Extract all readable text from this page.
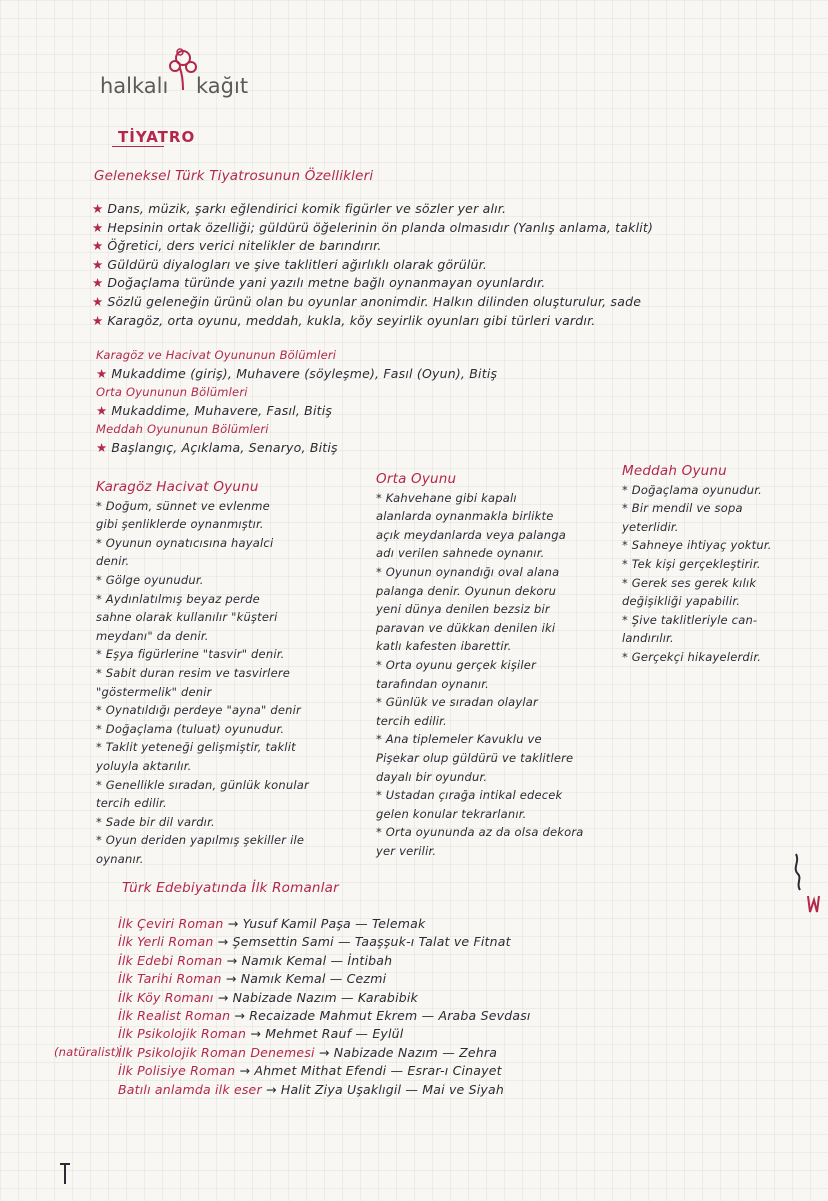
halkalı kağıt
TİYATRO
Geleneksel Türk Tiyatrosunun Özellikleri
★ Dans, müzik, şarkı eğlendirici komik figürler ve sözler yer alır.
★ Hepsinin ortak özelliği; güldürü öğelerinin ön planda olmasıdır (Yanlış anlama, taklit)
★ Öğretici, ders verici nitelikler de barındırır.
★ Güldürü diyalogları ve şive taklitleri ağırlıklı olarak görülür.
★ Doğaçlama türünde yani yazılı metne bağlı oynanmayan oyunlardır.
★ Sözlü geleneğin ürünü olan bu oyunlar anonimdir. Halkın dilinden oluşturulur, sade
★ Karagöz, orta oyunu, meddah, kukla, köy seyirlik oyunları gibi türleri vardır.
Karagöz ve Hacivat Oyununun Bölümleri
★ Mukaddime (giriş), Muhavere (söyleşme), Fasıl (Oyun), Bitiş
Orta Oyununun Bölümleri
★ Mukaddime, Muhavere, Fasıl, Bitiş
Meddah Oyununun Bölümleri
★ Başlangıç, Açıklama, Senaryo, Bitiş
Karagöz Hacivat Oyunu
* Doğum, sünnet ve evlenme
gibi şenliklerde oynanmıştır.
* Oyunun oynatıcısına hayalci
denir.
* Gölge oyunudur.
* Aydınlatılmış beyaz perde
sahne olarak kullanılır "küşteri
meydanı" da denir.
* Eşya figürlerine "tasvir" denir.
* Sabit duran resim ve tasvirlere
"göstermelik" denir
* Oynatıldığı perdeye "ayna" denir
* Doğaçlama (tuluat) oyunudur.
* Taklit yeteneği gelişmiştir, taklit
yoluyla aktarılır.
* Genellikle sıradan, günlük konular
tercih edilir.
* Sade bir dil vardır.
* Oyun deriden yapılmış şekiller ile
oynanır.
Orta Oyunu
* Kahvehane gibi kapalı
alanlarda oynanmakla birlikte
açık meydanlarda veya palanga
adı verilen sahnede oynanır.
* Oyunun oynandığı oval alana
palanga denir. Oyunun dekoru
yeni dünya denilen bezsiz bir
paravan ve dükkan denilen iki
katlı kafesten ibarettir.
* Orta oyunu gerçek kişiler
tarafından oynanır.
* Günlük ve sıradan olaylar
tercih edilir.
* Ana tiplemeler Kavuklu ve
Pişekar olup güldürü ve taklitlere
dayalı bir oyundur.
* Ustadan çırağa intikal edecek
gelen konular tekrarlanır.
* Orta oyununda az da olsa dekora
yer verilir.
Meddah Oyunu
* Doğaçlama oyunudur.
* Bir mendil ve sopa
yeterlidir.
* Sahneye ihtiyaç yoktur.
* Tek kişi gerçekleştirir.
* Gerek ses gerek kılık
değişikliği yapabilir.
* Şive taklitleriyle can-
landırılır.
* Gerçekçi hikayelerdir.
Türk Edebiyatında İlk Romanlar
(natüralist)
İlk Çeviri Roman → Yusuf Kamil Paşa — Telemak
İlk Yerli Roman → Şemsettin Sami — Taaşşuk-ı Talat ve Fitnat
İlk Edebi Roman → Namık Kemal — İntibah
İlk Tarihi Roman → Namık Kemal — Cezmi
İlk Köy Romanı → Nabizade Nazım — Karabibik
İlk Realist Roman → Recaizade Mahmut Ekrem — Araba Sevdası
İlk Psikolojik Roman → Mehmet Rauf — Eylül
İlk Psikolojik Roman Denemesi → Nabizade Nazım — Zehra
İlk Polisiye Roman → Ahmet Mithat Efendi — Esrar-ı Cinayet
Batılı anlamda ilk eser → Halit Ziya Uşaklıgil — Mai ve Siyah
